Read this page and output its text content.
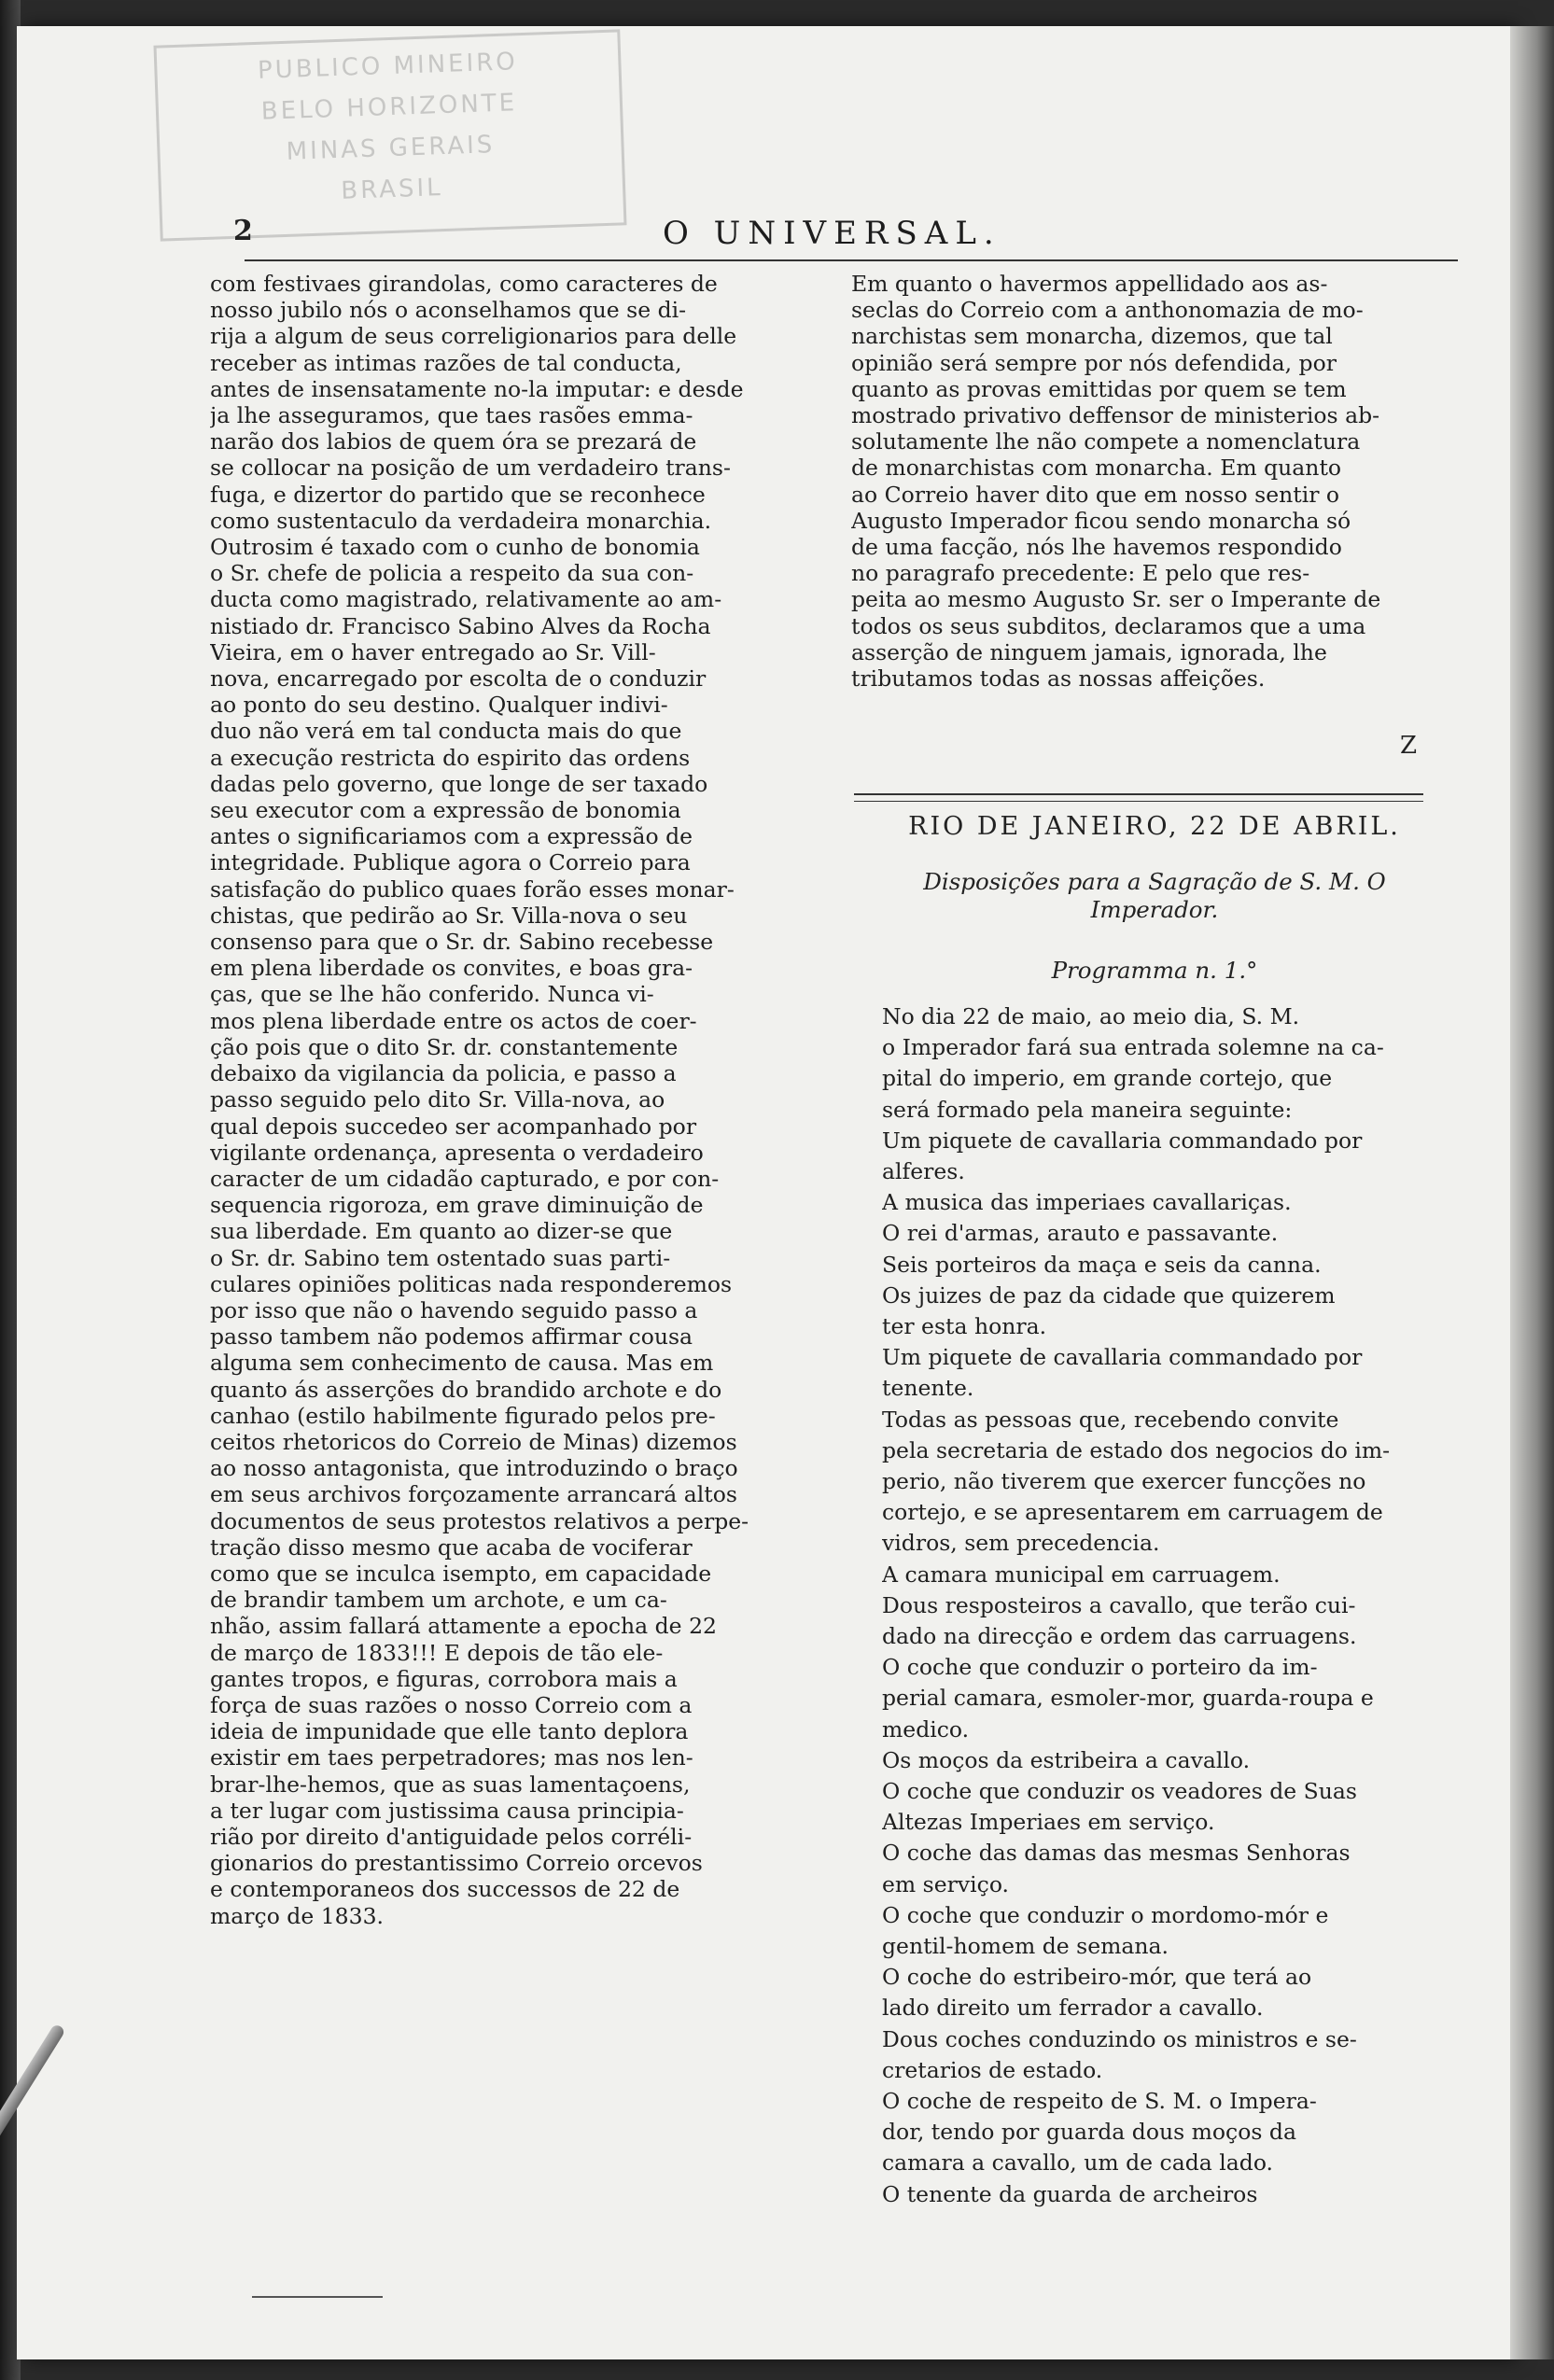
PUBLICO MINEIRO
BELO HORIZONTE
MINAS GERAIS
BRASIL
2	O UNIVERSAL.
com festivaes girandolas, como caracteres de
nosso jubilo nós o aconselhamos que se di-
rija a algum de seus correligionarios para delle
receber as intimas razões de tal conducta,
antes de insensatamente no-la imputar: e desde
ja lhe asseguramos, que taes rasões emma-
narão dos labios de quem óra se prezará de
se collocar na posição de um verdadeiro trans-
fuga, e dizertor do partido que se reconhece
como sustentaculo da verdadeira monarchia.
Outrosim é taxado com o cunho de bonomia
o Sr. chefe de policia a respeito da sua con-
ducta como magistrado, relativamente ao am-
nistiado dr. Francisco Sabino Alves da Rocha
Vieira, em o haver entregado ao Sr. Vill-
nova, encarregado por escolta de o conduzir
ao ponto do seu destino. Qualquer indivi-
duo não verá em tal conducta mais do que
a execução restricta do espirito das ordens
dadas pelo governo, que longe de ser taxado
seu executor com a expressão de bonomia
antes o significariamos com a expressão de
integridade. Publique agora o Correio para
satisfação do publico quaes forão esses monar-
chistas, que pedirão ao Sr. Villa-nova o seu
consenso para que o Sr. dr. Sabino recebesse
em plena liberdade os convites, e boas gra-
ças, que se lhe hão conferido. Nunca vi-
mos plena liberdade entre os actos de coer-
ção pois que o dito Sr. dr. constantemente
debaixo da vigilancia da policia, e passo a
passo seguido pelo dito Sr. Villa-nova, ao
qual depois succedeo ser acompanhado por
vigilante ordenança, apresenta o verdadeiro
caracter de um cidadão capturado, e por con-
sequencia rigoroza, em grave diminuição de
sua liberdade. Em quanto ao dizer-se que
o Sr. dr. Sabino tem ostentado suas parti-
culares opiniões politicas nada responderemos
por isso que não o havendo seguido passo a
passo tambem não podemos affirmar cousa
alguma sem conhecimento de causa. Mas em
quanto ás asserções do brandido archote e do
canhao (estilo habilmente figurado pelos pre-
ceitos rhetoricos do Correio de Minas) dizemos
ao nosso antagonista, que introduzindo o braço
em seus archivos forçozamente arrancará altos
documentos de seus protestos relativos a perpe-
tração disso mesmo que acaba de vociferar
como que se inculca isempto, em capacidade
de brandir tambem um archote, e um ca-
nhão, assim fallará attamente a epocha de 22
de março de 1833!!! E depois de tão ele-
gantes tropos, e figuras, corrobora mais a
força de suas razões o nosso Correio com a
ideia de impunidade que elle tanto deplora
existir em taes perpetradores; mas nos len-
brar-lhe-hemos, que as suas lamentaçoens,
a ter lugar com justissima causa principia-
rião por direito d'antiguidade pelos corréli-
gionarios do prestantissimo Correio orcevos
e contemporaneos dos successos de 22 de
março de 1833.
Em quanto o havermos appellidado aos as-
seclas do Correio com a anthonomazia de mo-
narchistas sem monarcha, dizemos, que tal
opinião será sempre por nós defendida, por
quanto as provas emittidas por quem se tem
mostrado privativo deffensor de ministerios ab-
solutamente lhe não compete a nomenclatura
de monarchistas com monarcha. Em quanto
ao Correio haver dito que em nosso sentir o
Augusto Imperador ficou sendo monarcha só
de uma facção, nós lhe havemos respondido
no paragrafo precedente: E pelo que res-
peita ao mesmo Augusto Sr. ser o Imperante de
todos os seus subditos, declaramos que a uma
asserção de ninguem jamais, ignorada, lhe
tributamos todas as nossas affeições.
Z
RIO DE JANEIRO, 22 DE ABRIL.
Disposições para a Sagração de S. M. O
Imperador.
Programma n. 1.°
No dia 22 de maio, ao meio dia, S. M.
o Imperador fará sua entrada solemne na ca-
pital do imperio, em grande cortejo, que
será formado pela maneira seguinte:
Um piquete de cavallaria commandado por
alferes.
A musica das imperiaes cavallariças.
O rei d'armas, arauto e passavante.
Seis porteiros da maça e seis da canna.
Os juizes de paz da cidade que quizerem
ter esta honra.
Um piquete de cavallaria commandado por
tenente.
Todas as pessoas que, recebendo convite
pela secretaria de estado dos negocios do im-
perio, não tiverem que exercer funcções no
cortejo, e se apresentarem em carruagem de
vidros, sem precedencia.
A camara municipal em carruagem.
Dous resposteiros a cavallo, que terão cui-
dado na direcção e ordem das carruagens.
O coche que conduzir o porteiro da im-
perial camara, esmoler-mor, guarda-roupa e
medico.
Os moços da estribeira a cavallo.
O coche que conduzir os veadores de Suas
Altezas Imperiaes em serviço.
O coche das damas das mesmas Senhoras
em serviço.
O coche que conduzir o mordomo-mór e
gentil-homem de semana.
O coche do estribeiro-mór, que terá ao
lado direito um ferrador a cavallo.
Dous coches conduzindo os ministros e se-
cretarios de estado.
O coche de respeito de S. M. o Impera-
dor, tendo por guarda dous moços da
camara a cavallo, um de cada lado.
O tenente da guarda de archeiros
